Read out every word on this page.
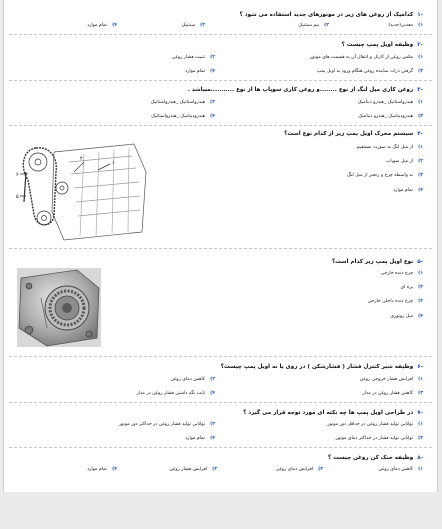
-۱کدامیک از روغن های زیر در موتورهای جدید استفاده می شود ؟
۱)معدنی(جدید)
۲)نیم سنتتیک
۳)سنتتیک
۴)تمام موارد
-۲وظیفه اویل پمپ چیست ؟
۱)مکش روغن از کارتل و انتقال آن به قسمت های موتور
۲)تثبیت فشار روغن
۳)گرفتن ذرات ساینده روغن هنگام ورود به اویل پمپ
۴)تمام موارد
-۳روغن کاری میل لنگ از نوع ........و روغن کاری سوپاپ ها از نوع ...........میباشد .
۱)هیدرواستاتیک _هیدرو دینامیک
۲)هیدرواستاتیک _هیدرواستاتیک
۳)هیدرودینامیک _هیدرو دینامیک
۴)هیدرودینامیک _هیدرواستاتیک
-۴سیستم محرک اویل پمپ زیر از کدام نوع است؟
۱)از میل لنگ به صورت مستقیم
۲)از میل سوپاپ
۳)به واسطه چرخ و زنجیر از میل لنگ
۴)تمام موارد
۶
۵
۴
۱
-۵نوع اویل پمپ زیر کدام است؟
۱)چرخ دنده خارجی
۲)پره ای
۳)چرخ دنده داخلی خارجی
۴)میل روتوری
-۶وظیفه شیر کنترل فشار ( فشارشکن ) در روی یا نه اویل پمپ چیست؟
۱)افزایش فشار خروجی روغن
۲)کاهش دمای روغن
۳)کاهش فشار روغن در مدار
۴)ثابت نگه داشتن فشار روغن در مدار
-۷در طراحی اویل پمپ ها چه نکته ای مورد توجه قرار می گیرد ؟
۱)توانایی تولید فشار روغن در حداقل دور موتور
۲)توانایی تولید فشار روغن در حداکثر دور موتور
۳)توانایی تولید فشار در حداکثر دمای موتور
۴)تمام موارد
-۸وظیفه خنک کن روغن چیست ؟
۱)کاهش دمای روغن
۲)افزایش دمای روغن
۳)افزایش فشار روغن
۴)تمام موارد
